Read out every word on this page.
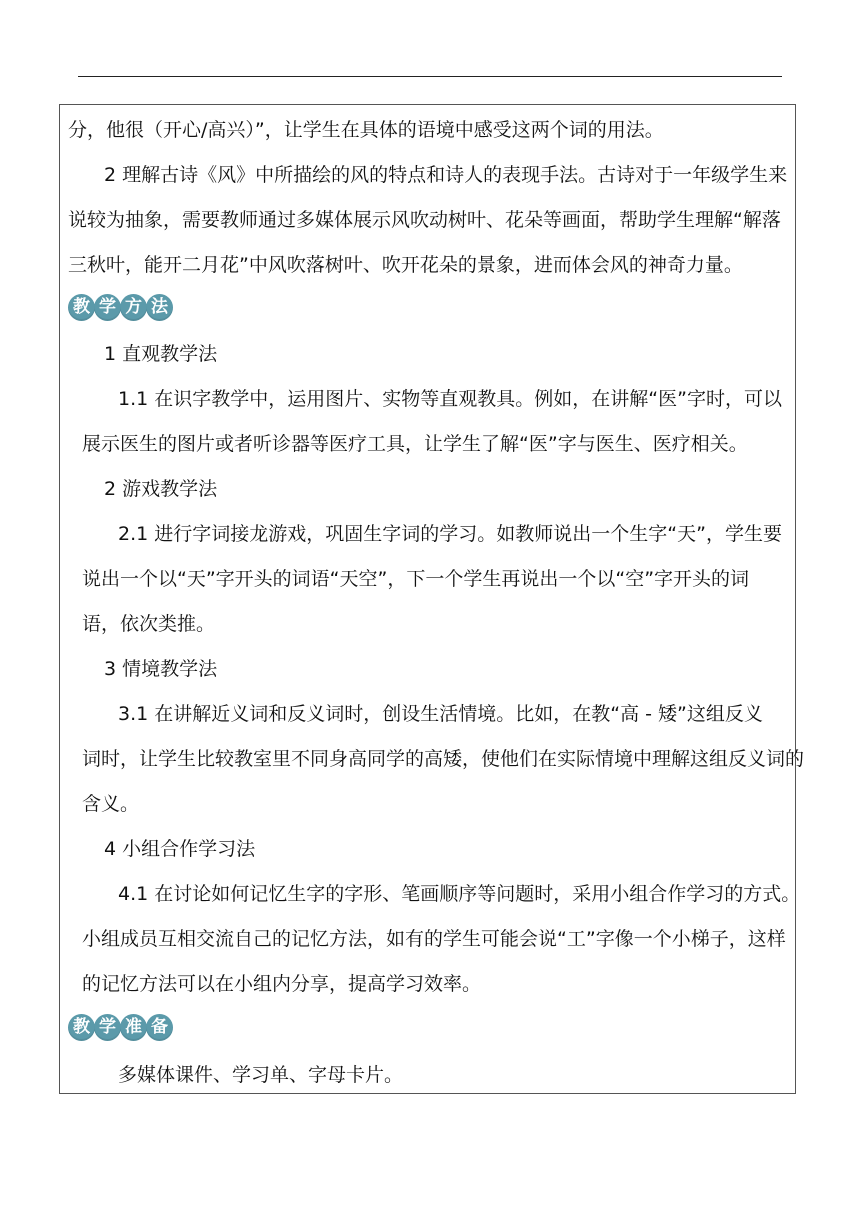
分，他很（开心/高兴）”，让学生在具体的语境中感受这两个词的用法。
2 理解古诗《风》中所描绘的风的特点和诗人的表现手法。古诗对于一年级学生来
说较为抽象，需要教师通过多媒体展示风吹动树叶、花朵等画面，帮助学生理解“解落
三秋叶，能开二月花”中风吹落树叶、吹开花朵的景象，进而体会风的神奇力量。
教 学 方 法
1 直观教学法
1.1 在识字教学中，运用图片、实物等直观教具。例如，在讲解“医”字时，可以
展示医生的图片或者听诊器等医疗工具，让学生了解“医”字与医生、医疗相关。
2 游戏教学法
2.1 进行字词接龙游戏，巩固生字词的学习。如教师说出一个生字“天”，学生要
说出一个以“天”字开头的词语“天空”，下一个学生再说出一个以“空”字开头的词
语，依次类推。
3 情境教学法
3.1 在讲解近义词和反义词时，创设生活情境。比如，在教“高 - 矮”这组反义
词时，让学生比较教室里不同身高同学的高矮，使他们在实际情境中理解这组反义词的
含义。
4 小组合作学习法
4.1 在讨论如何记忆生字的字形、笔画顺序等问题时，采用小组合作学习的方式。
小组成员互相交流自己的记忆方法，如有的学生可能会说“工”字像一个小梯子，这样
的记忆方法可以在小组内分享，提高学习效率。
教 学 准 备
多媒体课件、学习单、字母卡片。
